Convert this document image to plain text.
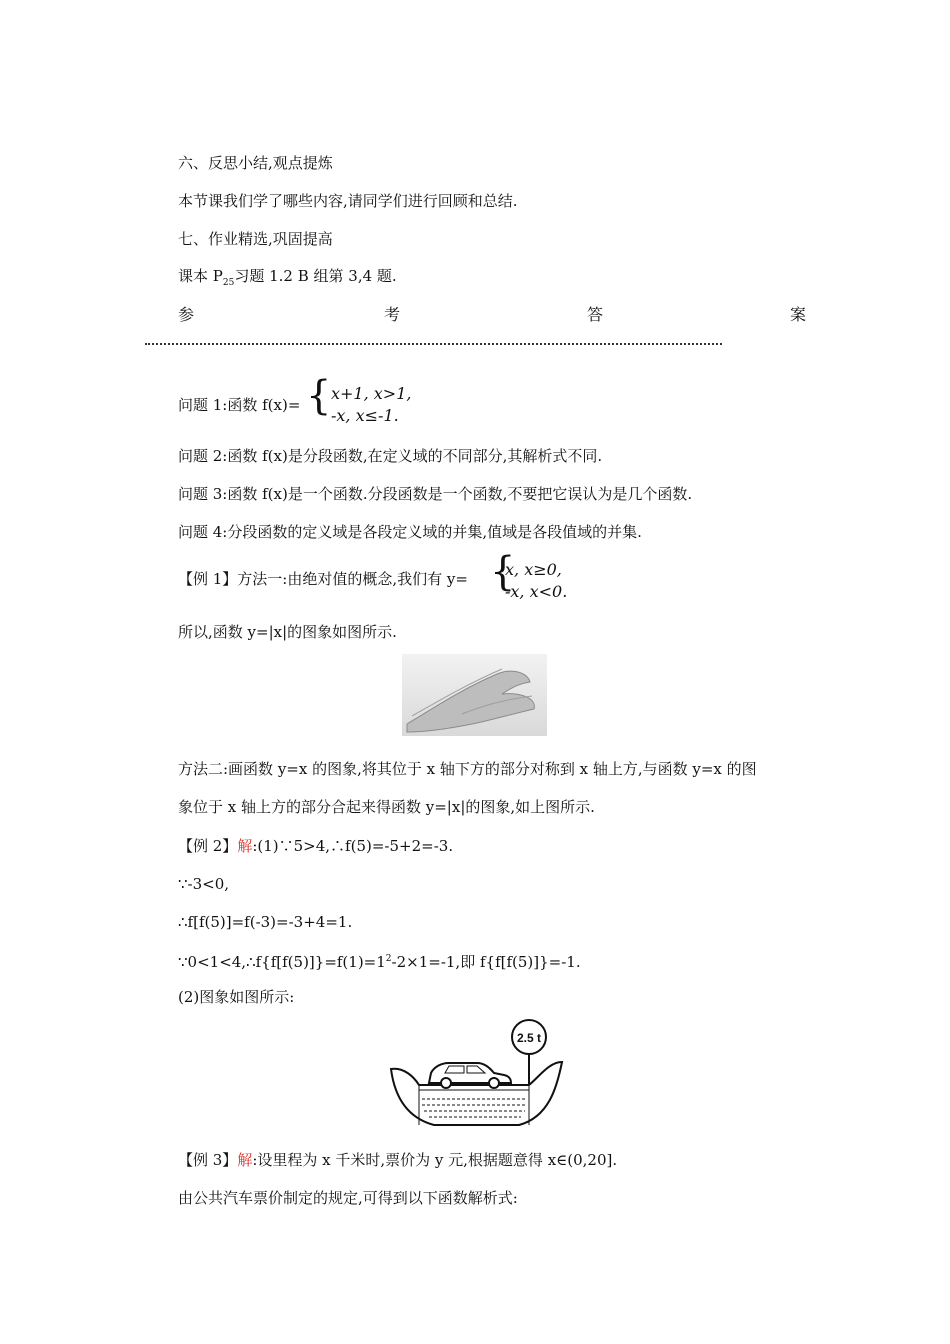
六、反思小结,观点提炼
本节课我们学了哪些内容,请同学们进行回顾和总结.
七、作业精选,巩固提高
课本 $P_{25}$习题 1.2 B 组第 3,4 题.
参	考	答	案
问题 1:函数 f(x)= { x+1, x>1,
-x, x≤-1.
问题 2:函数 f(x)是分段函数,在定义域的不同部分,其解析式不同.
问题 3:函数 f(x)是一个函数.分段函数是一个函数,不要把它误认为是几个函数.
问题 4:分段函数的定义域是各段定义域的并集,值域是各段值域的并集.
【例 1】方法一:由绝对值的概念,我们有 y= {
x, x≥0,
-x, x<0.
所以,函数 y=|x|的图象如图所示.
方法二:画函数 y=x 的图象,将其位于 x 轴下方的部分对称到 x 轴上方,与函数 y=x 的图
象位于 x 轴上方的部分合起来得函数 y=|x|的图象,如上图所示.
【例 2】解:(1)∵5>4,∴f(5)=-5+2=-3.
∵-3<0,
∴f[f(5)]=f(-3)=-3+4=1.
$\because 0<1<4,\therefore f\{f[f(5)]\}=f(1)=1^2-2\times 1=-1$,即 f{f[f(5)]}=-1.
(2)图象如图所示:
2.5 t
【例 3】解:设里程为 x 千米时,票价为 y 元,根据题意得 x∈(0,20].
由公共汽车票价制定的规定,可得到以下函数解析式:
